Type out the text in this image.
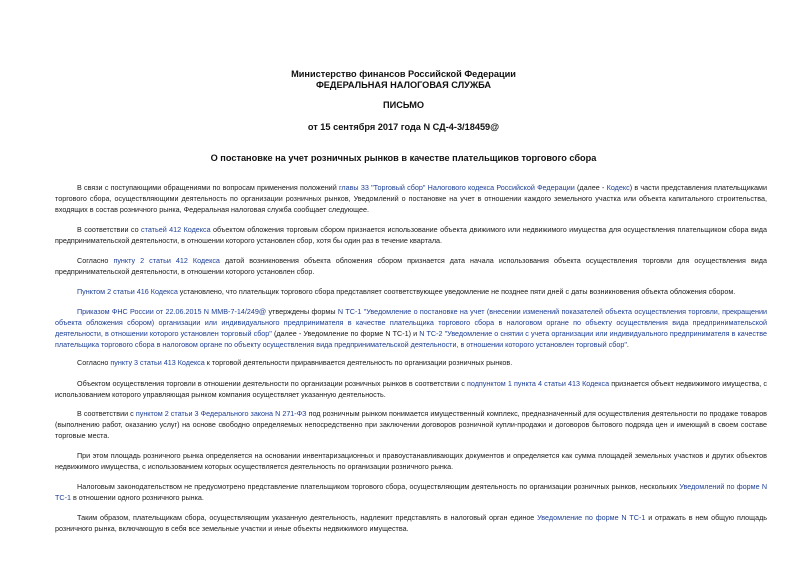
Министерство финансов Российской Федерации
ФЕДЕРАЛЬНАЯ НАЛОГОВАЯ СЛУЖБА
ПИСЬМО
от 15 сентября 2017 года N СД-4-3/18459@
О постановке на учет розничных рынков в качестве плательщиков торгового сбора
В связи с поступающими обращениями по вопросам применения положений главы 33 "Торговый сбор" Налогового кодекса Российской Федерации (далее - Кодекс) в части представления плательщиками торгового сбора, осуществляющими деятельность по организации розничных рынков, Уведомлений о постановке на учет в отношении каждого земельного участка или объекта капитального строительства, входящих в состав розничного рынка, Федеральная налоговая служба сообщает следующее.
В соответствии со статьей 412 Кодекса объектом обложения торговым сбором признается использование объекта движимого или недвижимого имущества для осуществления плательщиком сбора вида предпринимательской деятельности, в отношении которого установлен сбор, хотя бы один раз в течение квартала.
Согласно пункту 2 статьи 412 Кодекса датой возникновения объекта обложения сбором признается дата начала использования объекта осуществления торговли для осуществления вида предпринимательской деятельности, в отношении которого установлен сбор.
Пунктом 2 статьи 416 Кодекса установлено, что плательщик торгового сбора представляет соответствующее уведомление не позднее пяти дней с даты возникновения объекта обложения сбором.
Приказом ФНС России от 22.06.2015 N ММВ-7-14/249@ утверждены формы N ТС-1 "Уведомление о постановке на учет (внесении изменений показателей объекта осуществления торговли, прекращении объекта обложения сбором) организации или индивидуального предпринимателя в качестве плательщика торгового сбора в налоговом органе по объекту осуществления вида предпринимательской деятельности, в отношении которого установлен торговый сбор" (далее - Уведомление по форме N ТС-1) и N ТС-2 "Уведомление о снятии с учета организации или индивидуального предпринимателя в качестве плательщика торгового сбора в налоговом органе по объекту осуществления вида предпринимательской деятельности, в отношении которого установлен торговый сбор".
Согласно пункту 3 статьи 413 Кодекса к торговой деятельности приравнивается деятельность по организации розничных рынков.
Объектом осуществления торговли в отношении деятельности по организации розничных рынков в соответствии с подпунктом 1 пункта 4 статьи 413 Кодекса признается объект недвижимого имущества, с использованием которого управляющая рынком компания осуществляет указанную деятельность.
В соответствии с пунктом 2 статьи 3 Федерального закона N 271-ФЗ под розничным рынком понимается имущественный комплекс, предназначенный для осуществления деятельности по продаже товаров (выполнению работ, оказанию услуг) на основе свободно определяемых непосредственно при заключении договоров розничной купли-продажи и договоров бытового подряда цен и имеющий в своем составе торговые места.
При этом площадь розничного рынка определяется на основании инвентаризационных и правоустанавливающих документов и определяется как сумма площадей земельных участков и других объектов недвижимого имущества, с использованием которых осуществляется деятельность по организации розничного рынка.
Налоговым законодательством не предусмотрено представление плательщиком торгового сбора, осуществляющим деятельность по организации розничных рынков, нескольких Уведомлений по форме N ТС-1 в отношении одного розничного рынка.
Таким образом, плательщикам сбора, осуществляющим указанную деятельность, надлежит представлять в налоговый орган единое Уведомление по форме N ТС-1 и отражать в нем общую площадь розничного рынка, включающую в себя все земельные участки и иные объекты недвижимого имущества.
